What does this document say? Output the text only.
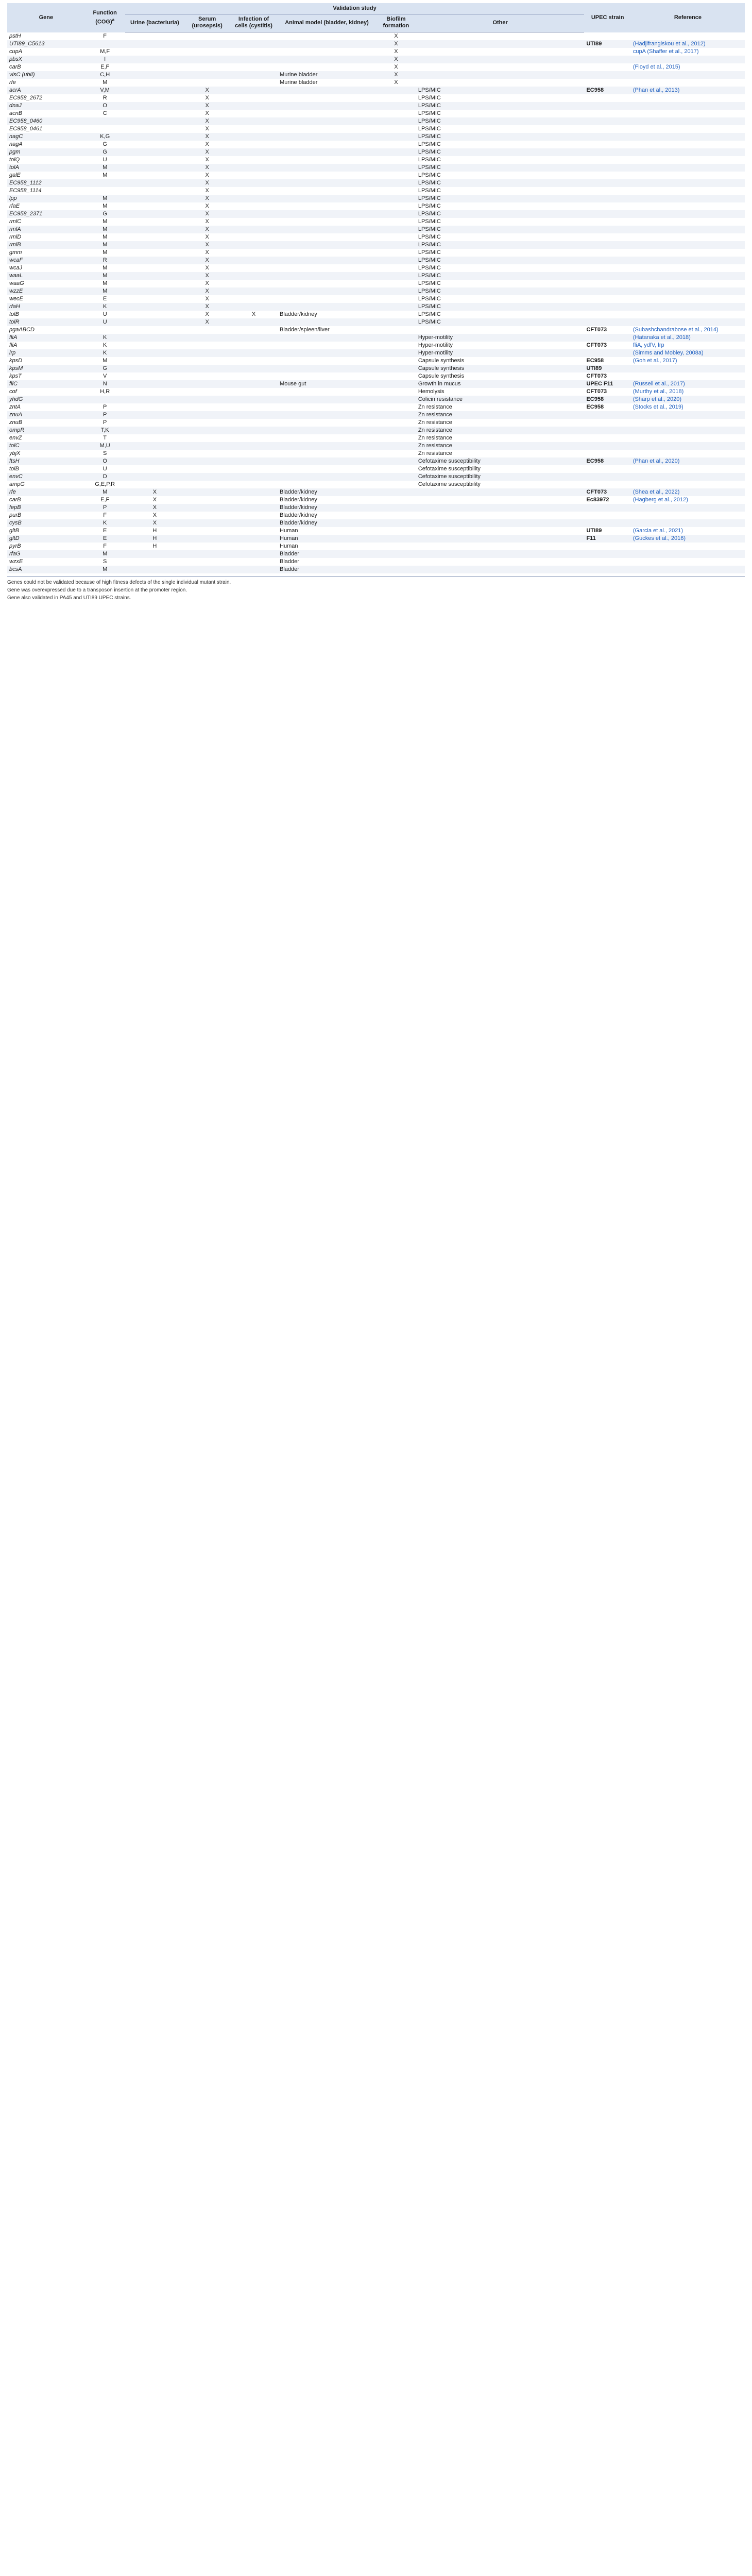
Gene	Function (COG)$^a$	Validation study						UPEC strain	Reference
		Urine (bacteriuria)	Serum (urosepsis)	Infection of cells (cystitis)	Animal model (bladder, kidney)	Biofilm formation	Other		
pstH	F					X			
UTI89_C5613						X		UTI89	(Hadjifrangiskou et al., 2012)
cupA	M,F					X			cupA (Shaffer et al., 2017)
pbsX	I					X			
carB	E,F					X			(Floyd et al., 2015)
visC (ubiI)	C,H				Murine bladder	X			
rfe	M				Murine bladder	X			
acrA	V,M		X				LPS/MIC	EC958	(Phan et al., 2013)
EC958_2672	R		X				LPS/MIC		
dnaJ	O		X				LPS/MIC		
acnB	C		X				LPS/MIC		
EC958_0460			X				LPS/MIC		
EC958_0461			X				LPS/MIC		
nagC	K,G		X				LPS/MIC		
nagA	G		X				LPS/MIC		
pgm	G		X				LPS/MIC		
tolQ	U		X				LPS/MIC		
tolA	M		X				LPS/MIC		
galE	M		X				LPS/MIC		
EC958_1112			X				LPS/MIC		
EC958_1114			X				LPS/MIC		
lpp	M		X				LPS/MIC		
rfaE	M		X				LPS/MIC		
EC958_2371	G		X				LPS/MIC		
rmlC	M		X				LPS/MIC		
rmlA	M		X				LPS/MIC		
rmlD	M		X				LPS/MIC		
rmlB	M		X				LPS/MIC		
gmm	M		X				LPS/MIC		
wcaF	R		X				LPS/MIC		
wcaJ	M		X				LPS/MIC		
waaL	M		X				LPS/MIC		
waaG	M		X				LPS/MIC		
wzzE	M		X				LPS/MIC		
wecE	E		X				LPS/MIC		
rfaH	K		X				LPS/MIC		
tolB	U		X	X	Bladder/kidney		LPS/MIC		
tolR	U		X				LPS/MIC		
pgaABCD					Bladder/spleen/liver			CFT073	(Subashchandrabose et al., 2014)
fliA	K						Hyper-motility		(Hatanaka et al., 2018)
fliA	K						Hyper-motility	CFT073	fliA, ydfV, lrp
lrp	K						Hyper-motility		(Simms and Mobley, 2008a)
kpsD	M						Capsule synthesis	EC958	(Goh et al., 2017)
kpsM	G						Capsule synthesis	UTI89	
kpsT	V						Capsule synthesis	CFT073	
fliC	N				Mouse gut		Growth in mucus	UPEC F11	(Russell et al., 2017)
cof	H,R						Hemolysis	CFT073	(Murthy et al., 2018)
yhdG							Colicin resistance	EC958	(Sharp et al., 2020)
zntA	P						Zn resistance	EC958	(Stocks et al., 2019)
znuA	P						Zn resistance		
znuB	P						Zn resistance		
ompR	T,K						Zn resistance		
envZ	T						Zn resistance		
tolC	M,U						Zn resistance		
ybjX	S						Zn resistance		
ftsH	O						Cefotaxime susceptibility	EC958	(Phan et al., 2020)
tolB	U						Cefotaxime susceptibility		
envC	D						Cefotaxime susceptibility		
ampG	G,E,P,R						Cefotaxime susceptibility		
rfe	M	X			Bladder/kidney			CFT073	(Shea et al., 2022)
carB	E,F	X			Bladder/kidney			Ec83972	(Hagberg et al., 2012)
fepB	P	X			Bladder/kidney				
purB	F	X			Bladder/kidney				
cysB	K	X			Bladder/kidney				
gltB	E	H			Human			UTI89	(Garcia et al., 2021)
gltD	E	H			Human			F11	(Guckes et al., 2016)
pyrB	F	H			Human				
rfaG	M				Bladder				
wzxE	S				Bladder				
bcsA	M				Bladder				

Genes could not be validated because of high fitness defects of the single individual mutant strain.

Gene was overexpressed due to a transposon insertion at the promoter region.

Gene also validated in PA45 and UTI89 UPEC strains.
